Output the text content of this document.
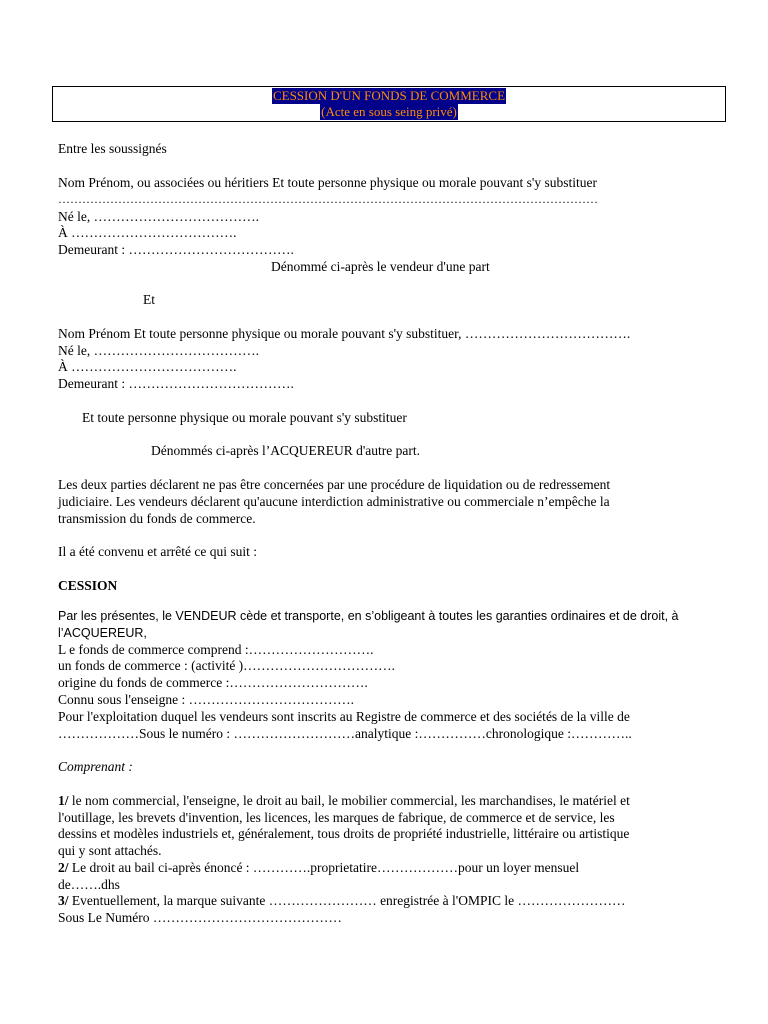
CESSION D'UN FONDS DE COMMERCE
(Acte en sous seing privé)
Entre les soussignés
Nom Prénom, ou associées ou héritiers Et toute personne physique ou morale pouvant s'y substituer
………………………………………………………………………………………………………………………
Né le, ……………………………….
À ……………………………….
Demeurant : ……………………………….
Dénommé ci-après le vendeur d'une part
Et
Nom Prénom Et toute personne physique ou morale pouvant s'y substituer, ……………………………….
Né le, ……………………………….
À ……………………………….
Demeurant : ……………………………….
Et toute personne physique ou morale pouvant s'y substituer
Dénommés ci-après l’ACQUEREUR d'autre part.
Les deux parties déclarent ne pas être concernées par une procédure de liquidation ou de redressement
judiciaire. Les vendeurs déclarent qu'aucune interdiction administrative ou commerciale n’empêche la
transmission du fonds de commerce.
Il a été convenu et arrêté ce qui suit :
CESSION
Par les présentes, le VENDEUR cède et transporte, en s’obligeant à toutes les garanties ordinaires et de droit, à
l’ACQUEREUR,
L e fonds de commerce comprend :……………………….
un fonds de commerce : (activité )…………………………….
origine du fonds de commerce :………………………….
Connu sous l'enseigne : ……………………………….
Pour l'exploitation duquel les vendeurs sont inscrits au Registre de commerce et des sociétés de la ville de
………………Sous le numéro : ………………………analytique :……………chronologique :…………..
Comprenant :
1/ le nom commercial, l'enseigne, le droit au bail, le mobilier commercial, les marchandises, le matériel et
l'outillage, les brevets d'invention, les licences, les marques de fabrique, de commerce et de service, les
dessins et modèles industriels et, généralement, tous droits de propriété industrielle, littéraire ou artistique
qui y sont attachés.
2/ Le droit au bail ci-après énoncé : ………….proprietatire………………pour un loyer mensuel
de…….dhs
3/ Eventuellement, la marque suivante …………………… enregistrée à l'OMPIC le ……………………
Sous Le Numéro ……………………………………
